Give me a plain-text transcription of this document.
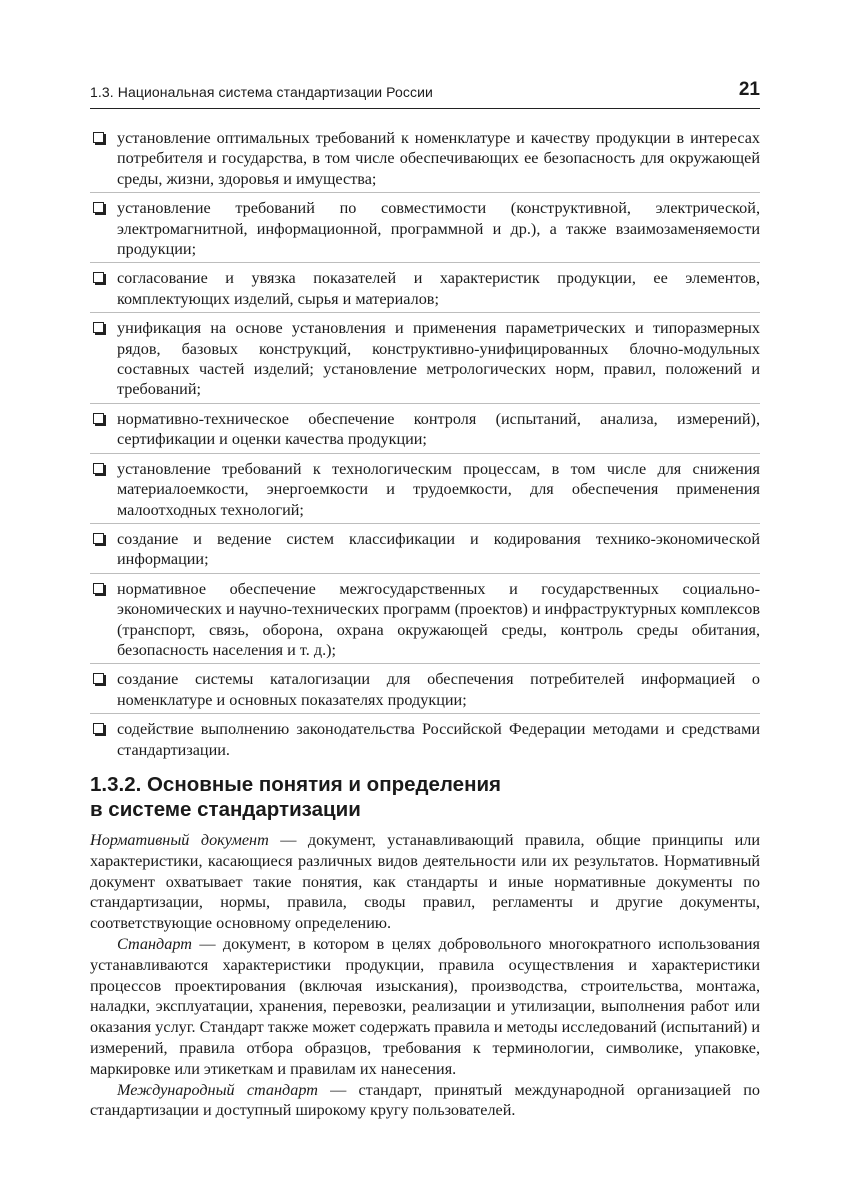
1.3. Национальная система стандартизации России	21
установление оптимальных требований к номенклатуре и качеству продукции в интересах потребителя и государства, в том числе обеспечивающих ее безопасность для окружающей среды, жизни, здоровья и имущества;
установление требований по совместимости (конструктивной, электрической, электромагнитной, информационной, программной и др.), а также взаимозаменяемости продукции;
согласование и увязка показателей и характеристик продукции, ее элементов, комплектующих изделий, сырья и материалов;
унификация на основе установления и применения параметрических и типоразмерных рядов, базовых конструкций, конструктивно-унифицированных блочно-модульных составных частей изделий; установление метрологических норм, правил, положений и требований;
нормативно-техническое обеспечение контроля (испытаний, анализа, измерений), сертификации и оценки качества продукции;
установление требований к технологическим процессам, в том числе для снижения материалоемкости, энергоемкости и трудоемкости, для обеспечения применения малоотходных технологий;
создание и ведение систем классификации и кодирования технико-экономической информации;
нормативное обеспечение межгосударственных и государственных социально-экономических и научно-технических программ (проектов) и инфраструктурных комплексов (транспорт, связь, оборона, охрана окружающей среды, контроль среды обитания, безопасность населения и т. д.);
создание системы каталогизации для обеспечения потребителей информацией о номенклатуре и основных показателях продукции;
содействие выполнению законодательства Российской Федерации методами и средствами стандартизации.
1.3.2. Основные понятия и определения
в системе стандартизации

Нормативный документ — документ, устанавливающий правила, общие принципы или характеристики, касающиеся различных видов деятельности или их результатов. Нормативный документ охватывает такие понятия, как стандарты и иные нормативные документы по стандартизации, нормы, правила, своды правил, регламенты и другие документы, соответствующие основному определению.

Стандарт — документ, в котором в целях добровольного многократного использования устанавливаются характеристики продукции, правила осуществления и характеристики процессов проектирования (включая изыскания), производства, строительства, монтажа, наладки, эксплуатации, хранения, перевозки, реализации и утилизации, выполнения работ или оказания услуг. Стандарт также может содержать правила и методы исследований (испытаний) и измерений, правила отбора образцов, требования к терминологии, символике, упаковке, маркировке или этикеткам и правилам их нанесения.

Международный стандарт — стандарт, принятый международной организацией по стандартизации и доступный широкому кругу пользователей.
